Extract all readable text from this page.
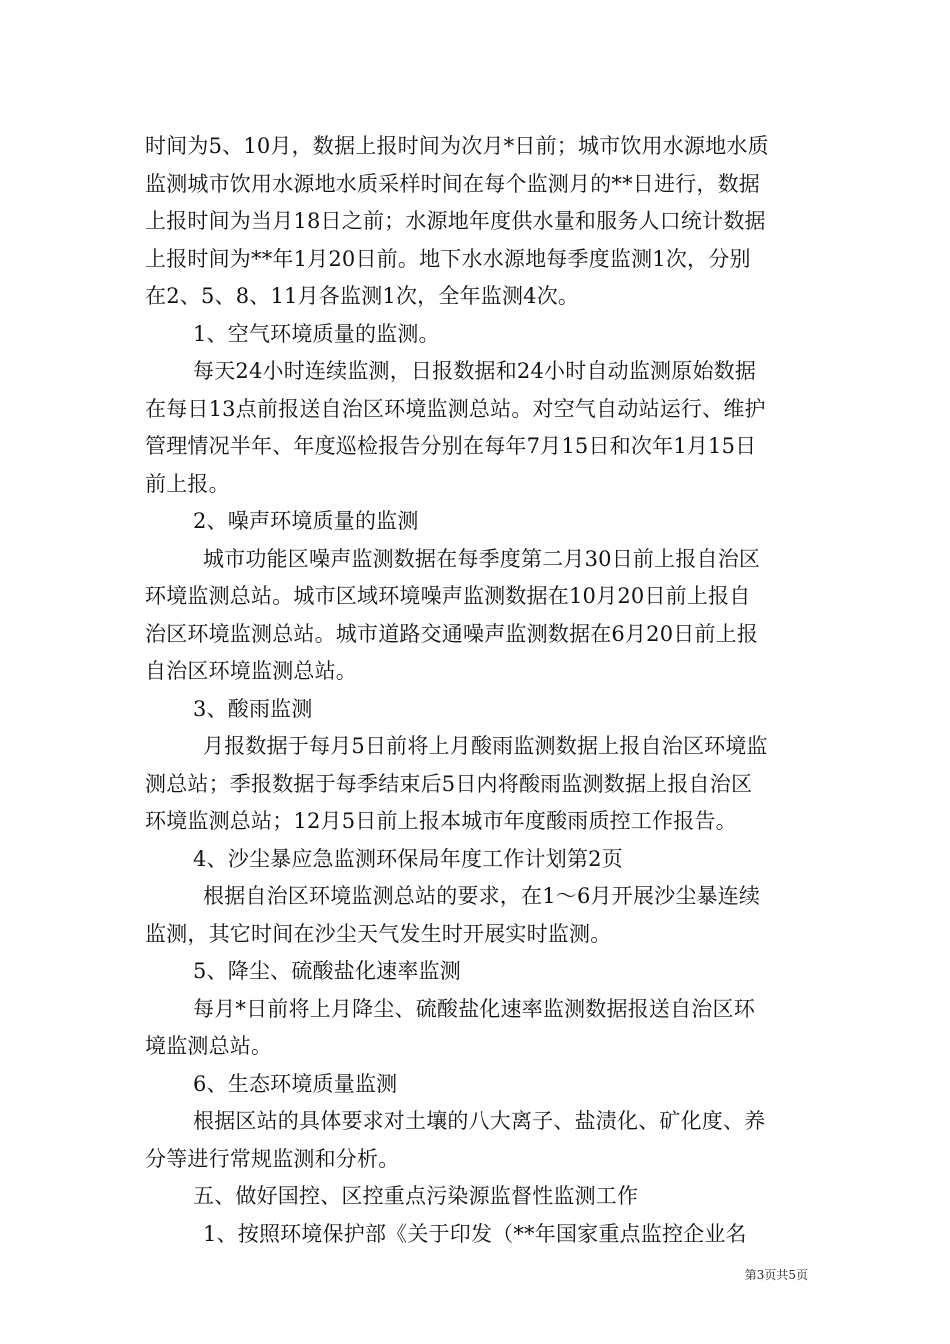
时间为5、10月，数据上报时间为次月*日前；城市饮用水源地水质
监测城市饮用水源地水质采样时间在每个监测月的**日进行，数据
上报时间为当月18日之前；水源地年度供水量和服务人口统计数据
上报时间为**年1月20日前。地下水水源地每季度监测1次，分别
在2、5、8、11月各监测1次，全年监测4次。
1、空气环境质量的监测。
每天24小时连续监测，日报数据和24小时自动监测原始数据
在每日13点前报送自治区环境监测总站。对空气自动站运行、维护
管理情况半年、年度巡检报告分别在每年7月15日和次年1月15日
前上报。
2、噪声环境质量的监测
城市功能区噪声监测数据在每季度第二月30日前上报自治区
环境监测总站。城市区域环境噪声监测数据在10月20日前上报自
治区环境监测总站。城市道路交通噪声监测数据在6月20日前上报
自治区环境监测总站。
3、酸雨监测
月报数据于每月5日前将上月酸雨监测数据上报自治区环境监
测总站；季报数据于每季结束后5日内将酸雨监测数据上报自治区
环境监测总站；12月5日前上报本城市年度酸雨质控工作报告。
4、沙尘暴应急监测环保局年度工作计划第2页
根据自治区环境监测总站的要求，在1～6月开展沙尘暴连续
监测，其它时间在沙尘天气发生时开展实时监测。
5、降尘、硫酸盐化速率监测
每月*日前将上月降尘、硫酸盐化速率监测数据报送自治区环
境监测总站。
6、生态环境质量监测
根据区站的具体要求对土壤的八大离子、盐渍化、矿化度、养
分等进行常规监测和分析。
五、做好国控、区控重点污染源监督性监测工作
1、按照环境保护部《关于印发（**年国家重点监控企业名
第3页共5页
